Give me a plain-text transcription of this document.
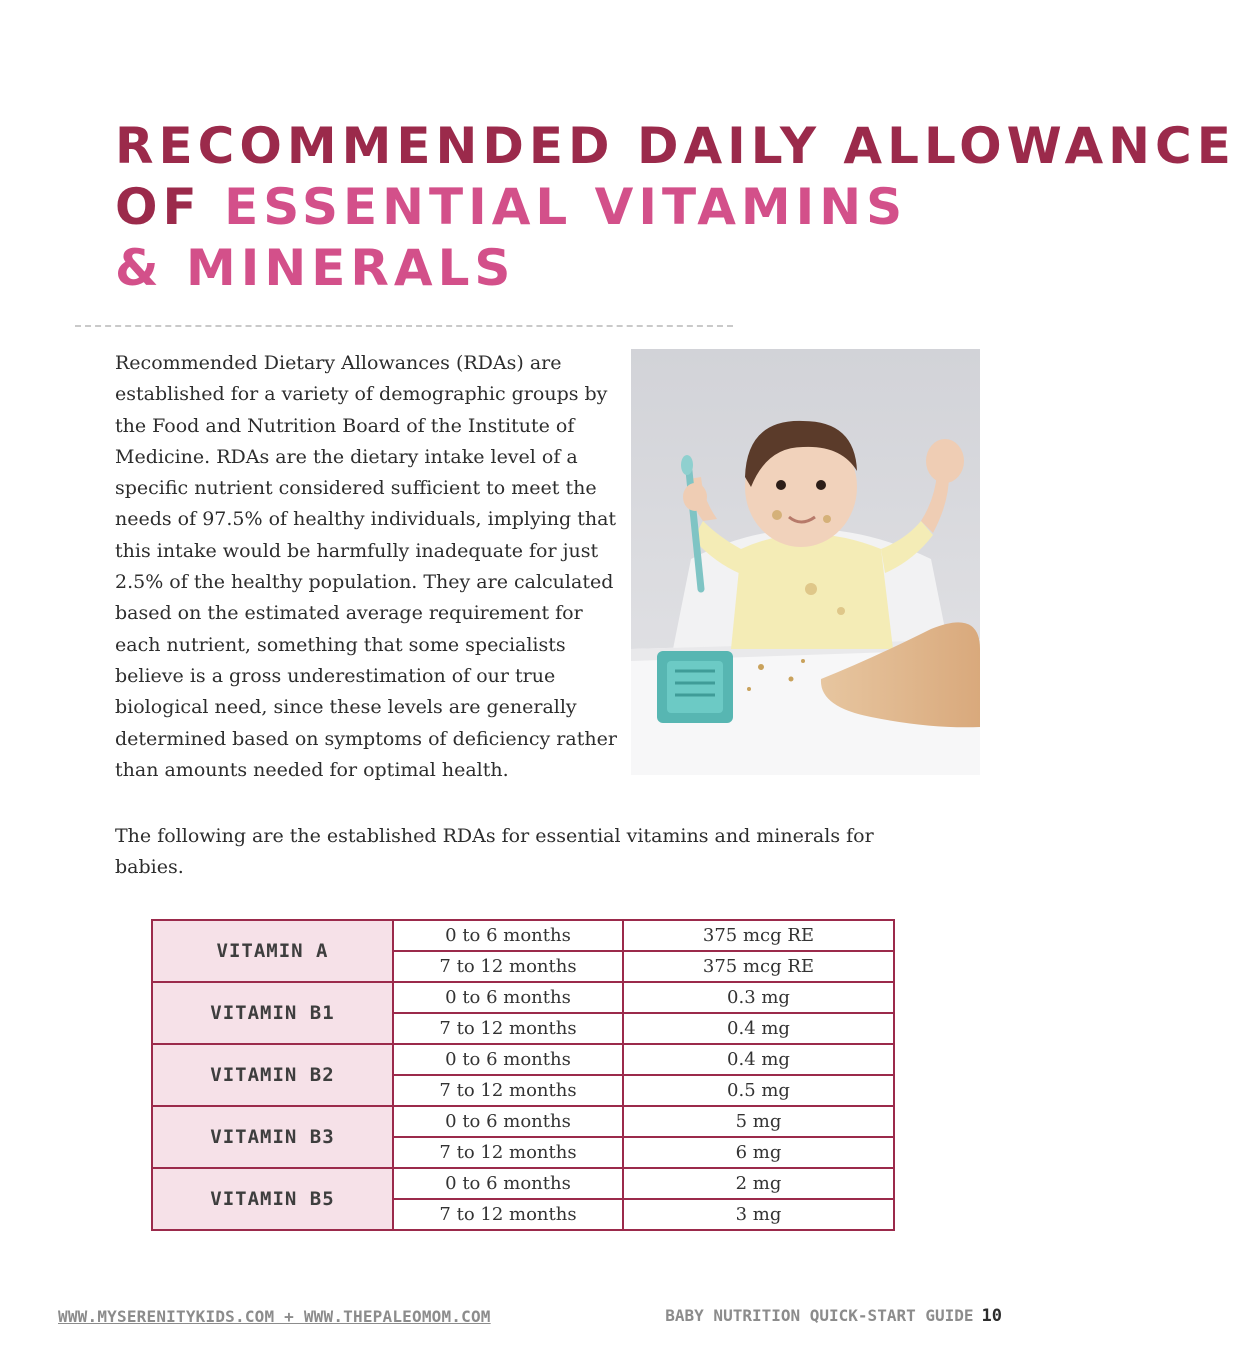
RECOMMENDED DAILY ALLOWANCE
OF ESSENTIAL VITAMINS
& MINERALS

Recommended Dietary Allowances (RDAs) are established for a variety of demographic groups by the Food and Nutrition Board of the Institute of Medicine. RDAs are the dietary intake level of a specific nutrient considered sufficient to meet the needs of 97.5% of healthy individuals, implying that this intake would be harmfully inadequate for just 2.5% of the healthy population. They are calculated based on the estimated average requirement for each nutrient, something that some specialists believe is a gross underestimation of our true biological need, since these levels are generally determined based on symptoms of deficiency rather than amounts needed for optimal health.

The following are the established RDAs for essential vitamins and minerals for babies.

VITAMIN A	0 to 6 months	375 mcg RE
	7 to 12 months	375 mcg RE
VITAMIN B1	0 to 6 months	0.3 mg
	7 to 12 months	0.4 mg
VITAMIN B2	0 to 6 months	0.4 mg
	7 to 12 months	0.5 mg
VITAMIN B3	0 to 6 months	5 mg
	7 to 12 months	6 mg
VITAMIN B5	0 to 6 months	2 mg
	7 to 12 months	3 mg
WWW.MYSERENITYKIDS.COM + WWW.THEPALEOMOM.COM	BABY NUTRITION QUICK-START GUIDE 10
